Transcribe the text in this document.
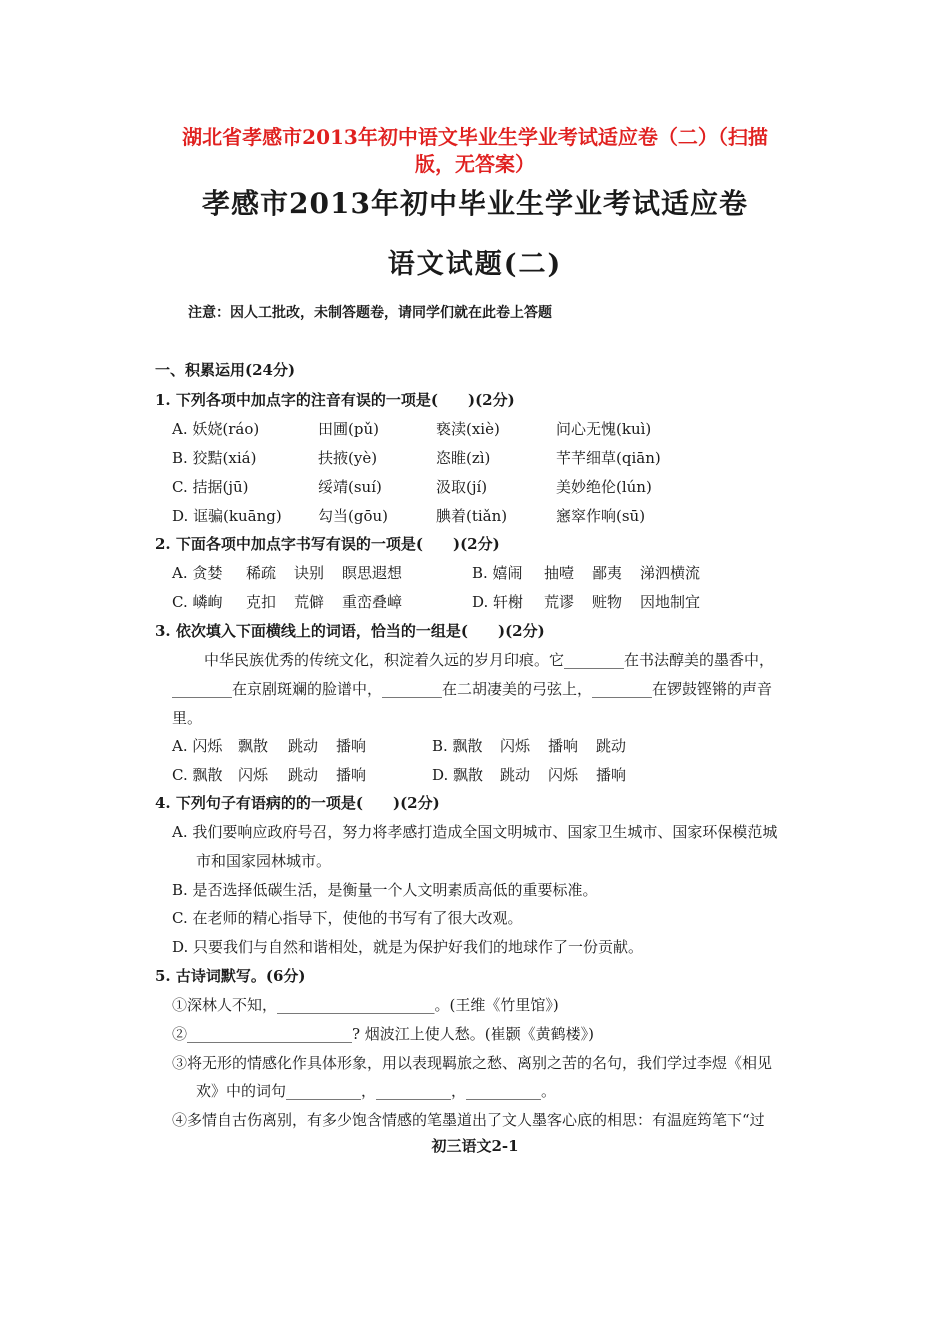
湖北省孝感市2013年初中语文毕业生学业考试适应卷（二）（扫描
版，无答案）
孝感市2013年初中毕业生学业考试适应卷
语文试题(二)
注意：因人工批改，未制答题卷，请同学们就在此卷上答题
一、积累运用(24分)
1. 下列各项中加点字的注音有误的一项是(　　)(2分)
A. 妖娆(ráo)	田圃(pǔ)	亵渎(xiè)	问心无愧(kuì)
B. 狡黠(xiá)	扶掖(yè)	恣睢(zì)	芊芊细草(qiān)
C. 拮据(jū)	绥靖(suí)	汲取(jí)	美妙绝伦(lún)
D. 诓骗(kuāng) 勾当(gōu)	腆着(tiǎn)	窸窣作响(sū)
2. 下面各项中加点字书写有误的一项是(　　)(2分)
A. 贪婪 稀疏 诀别 瞑思遐想	B. 嬉闹 抽噎 鄙夷 涕泗横流
C. 嶙峋 克扣 荒僻 重峦叠嶂	D. 轩榭 荒谬 赃物 因地制宜
3. 依次填入下面横线上的词语，恰当的一组是(　　)(2分)
中华民族优秀的传统文化，积淀着久远的岁月印痕。它________在书法醇美的墨香中，
________在京剧斑斓的脸谱中，________在二胡凄美的弓弦上，________在锣鼓铿锵的声音
里。
A. 闪烁 飘散 跳动 播响	B. 飘散 闪烁 播响 跳动
C. 飘散 闪烁 跳动 播响	D. 飘散 跳动 闪烁 播响
4. 下列句子有语病的的一项是(　　)(2分)
A. 我们要响应政府号召，努力将孝感打造成全国文明城市、国家卫生城市、国家环保模范城
市和国家园林城市。
B. 是否选择低碳生活，是衡量一个人文明素质高低的重要标准。
C. 在老师的精心指导下，使他的书写有了很大改观。
D. 只要我们与自然和谐相处，就是为保护好我们的地球作了一份贡献。
5. 古诗词默写。(6分)
①深林人不知，_____________________。(王维《竹里馆》)
②______________________? 烟波江上使人愁。(崔颢《黄鹤楼》)
③将无形的情感化作具体形象，用以表现羁旅之愁、离别之苦的名句，我们学过李煜《相见
欢》中的词句__________，__________，__________。
④多情自古伤离别，有多少饱含情感的笔墨道出了文人墨客心底的相思：有温庭筠笔下“过
初三语文2-1
